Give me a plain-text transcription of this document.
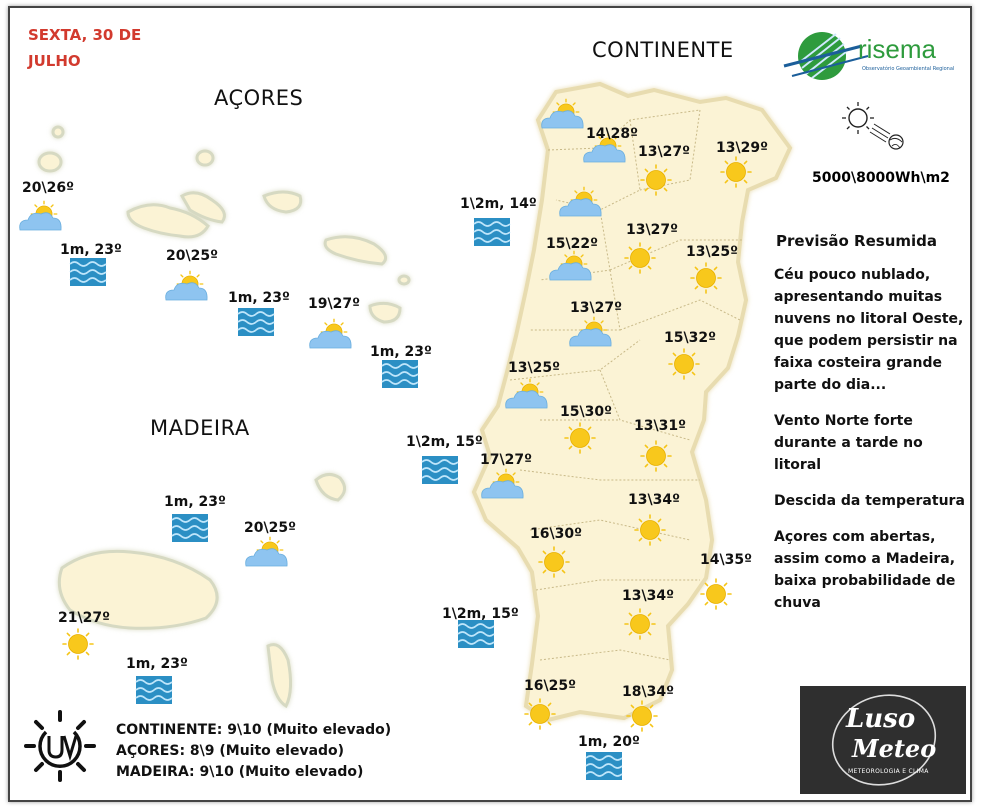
SEXTA, 30 DE JULHO	CONTINENTE
AÇORES
MADEIRA
risema
Observatório Geoambiental Regional
5000\8000Wh\m2
14\28º
13\27º 13\29º
15\22º
13\27º
13\25º
13\27º
15\32º
13\25º
15\30º
13\31º
17\27º
13\34º
16\30º
14\35º
13\34º
16\25º	18\34º
1\2m, 14º
1\2m, 15º
1\2m, 15º
1m, 20º
20\26º
20\25º
19\27º
1m, 23º
1m, 23º
1m, 23º
20\25º
21\27º
1m, 23º
1m, 23º
Previsão Resumida

Céu pouco nublado, apresentando muitas nuvens no litoral Oeste, que podem persistir na faixa costeira grande parte do dia...

Vento Norte forte durante a tarde no litoral

Descida da temperatura

Açores com abertas, assim como a Madeira, baixa probabilidade de chuva

CONTINENTE: 9\10 (Muito elevado)
AÇORES: 8\9 (Muito elevado)
MADEIRA: 9\10 (Muito elevado)
Luso
Meteo
METEOROLOGIA E CLIMA
